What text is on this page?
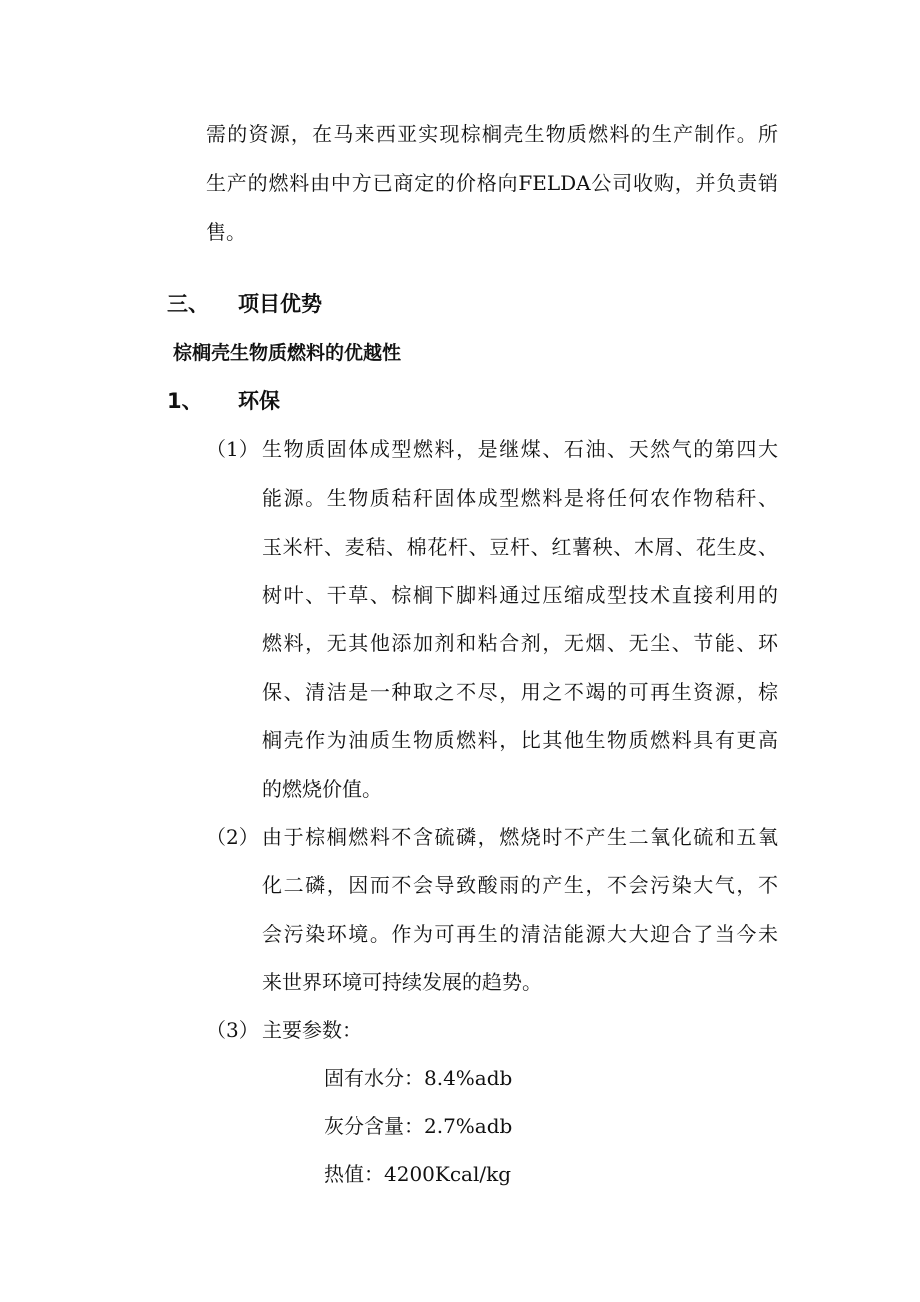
需的资源，在马来西亚实现棕榈壳生物质燃料的生产制作。所

生产的燃料由中方已商定的价格向FELDA公司收购，并负责销

售。

三、 项目优势

棕榈壳生物质燃料的优越性

1、 环保

（1） 生物质固体成型燃料，是继煤、石油、天然气的第四大

能源。生物质秸秆固体成型燃料是将任何农作物秸秆、

玉米杆、麦秸、棉花杆、豆杆、红薯秧、木屑、花生皮、

树叶、干草、棕榈下脚料通过压缩成型技术直接利用的

燃料，无其他添加剂和粘合剂，无烟、无尘、节能、环

保、清洁是一种取之不尽，用之不竭的可再生资源，棕

榈壳作为油质生物质燃料，比其他生物质燃料具有更高

的燃烧价值。

（2） 由于棕榈燃料不含硫磷，燃烧时不产生二氧化硫和五氧

化二磷，因而不会导致酸雨的产生，不会污染大气，不

会污染环境。作为可再生的清洁能源大大迎合了当今未

来世界环境可持续发展的趋势。

（3） 主要参数：

固有水分：8.4%adb

灰分含量：2.7%adb

热值：4200Kcal/kg
